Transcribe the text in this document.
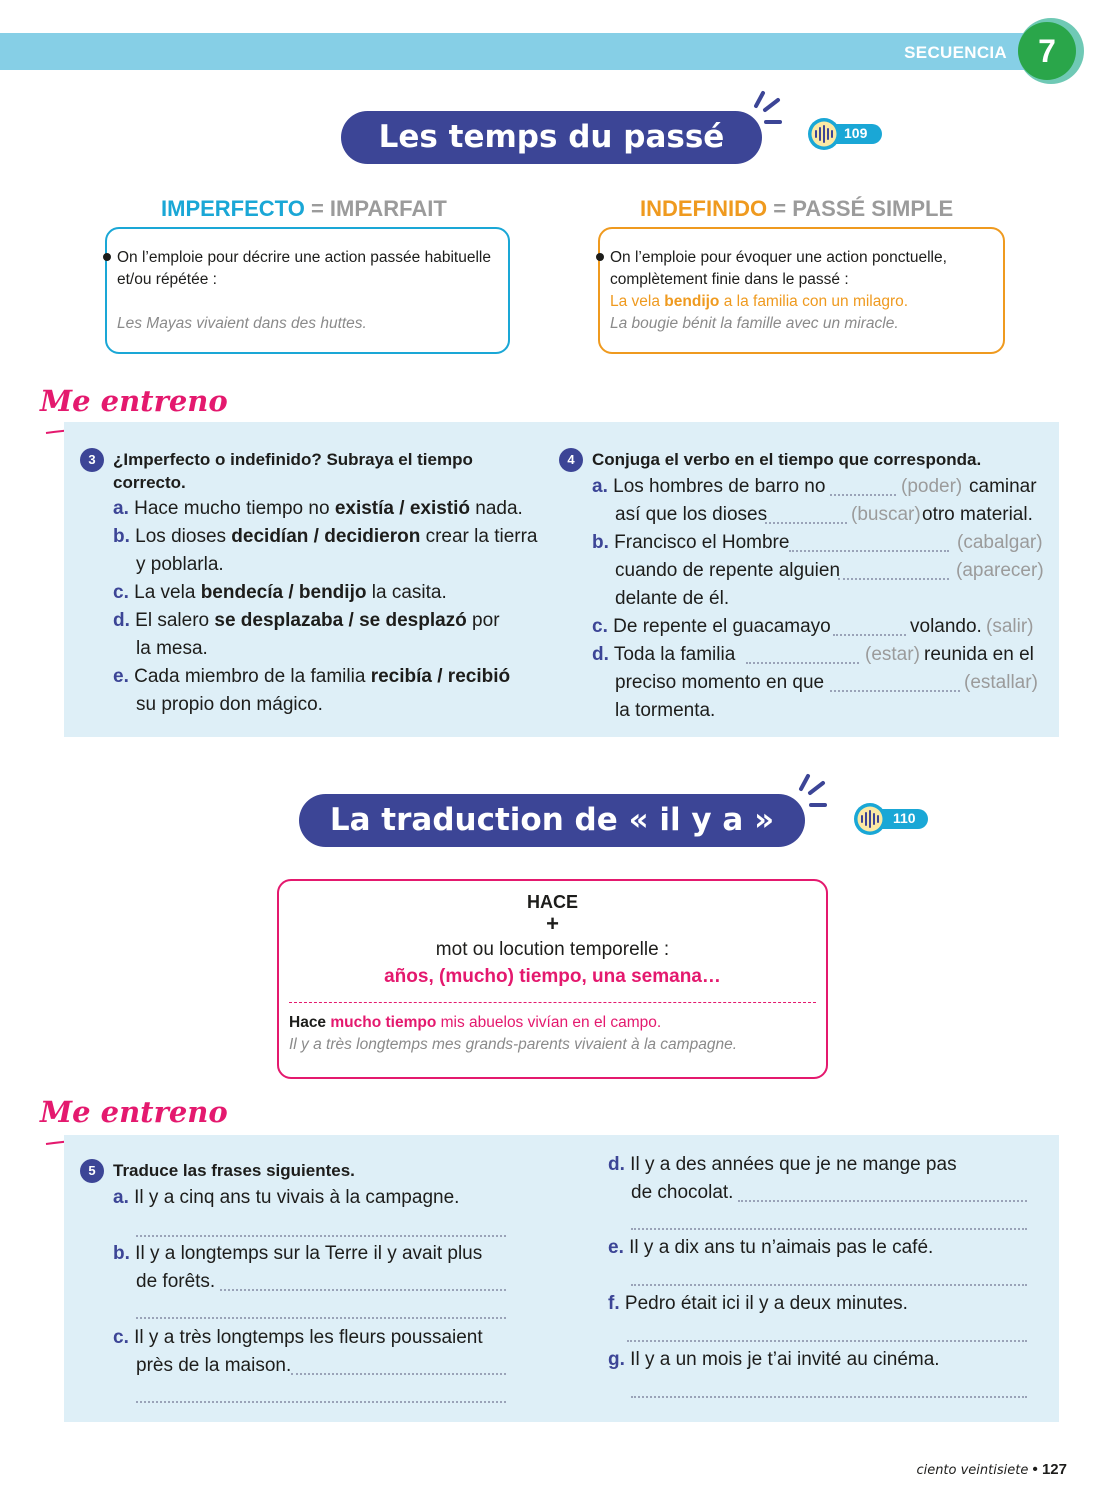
SECUENCIA 7
Les temps du passé	109
IMPERFECTO = IMPARFAIT	INDEFINIDO = PASSÉ SIMPLE
On l’emploie pour décrire une action passée habituelle et/ou répétée :
Les Mayas vivaient dans des huttes.
On l’emploie pour évoquer une action ponctuelle, complètement finie dans le passé :
La vela bendijo a la familia con un milagro.
La bougie bénit la famille avec un miracle.
Me entreno
3	¿Imperfecto o indefinido? Subraya el tiempo
correcto.
a. Hace mucho tiempo no existía / existió nada.
b. Los dioses decidían / decidieron crear la tierra
y poblarla.
c. La vela bendecía / bendijo la casita.
d. El salero se desplazaba / se desplazó por
la mesa.
e. Cada miembro de la familia recibía / recibió
su propio don mágico.
4	Conjuga el verbo en el tiempo que corresponda.
a. Los hombres de barro no	(poder) caminar
así que los dioses	(buscar) otro material.
b. Francisco el Hombre	(cabalgar)
cuando de repente alguien	(aparecer)
delante de él.
c. De repente el guacamayo	volando. (salir)
d. Toda la familia	(estar) reunida en el
preciso momento en que	(estallar)
la tormenta.
La traduction de « il y a »	110
HACE
+
mot ou locution temporelle :
años, (mucho) tiempo, una semana…
Hace mucho tiempo mis abuelos vivían en el campo.
Il y a très longtemps mes grands-parents vivaient à la campagne.
Me entreno
5	Traduce las frases siguientes.
a. Il y a cinq ans tu vivais à la campagne.
b. Il y a longtemps sur la Terre il y avait plus
de forêts.
c. Il y a très longtemps les fleurs poussaient
près de la maison.
d. Il y a des années que je ne mange pas
de chocolat.
e. Il y a dix ans tu n’aimais pas le café.
f. Pedro était ici il y a deux minutes.
g. Il y a un mois je t’ai invité au cinéma.
ciento veintisiete • 127
